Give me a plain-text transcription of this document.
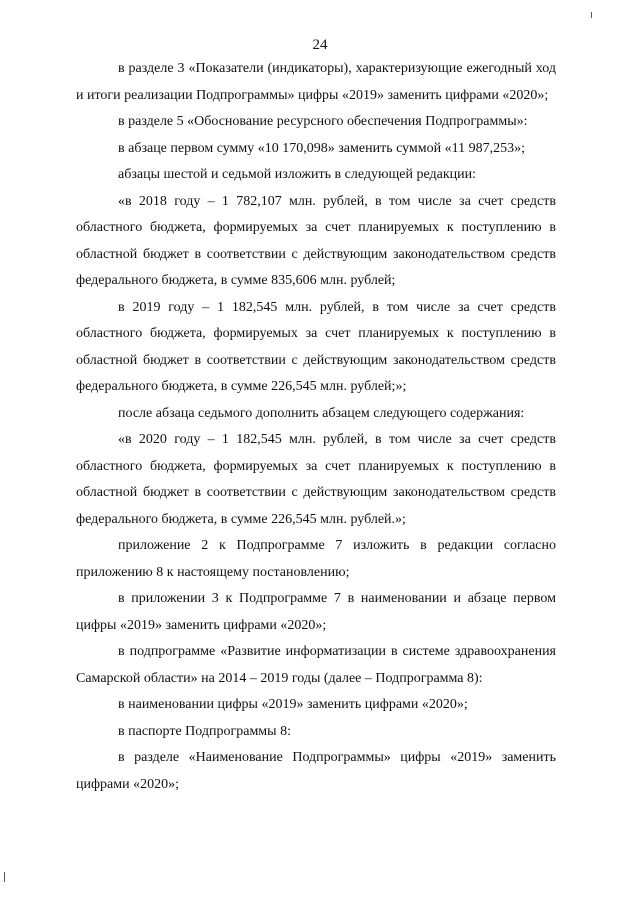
24

в разделе 3 «Показатели (индикаторы), характеризующие ежегодный ход и итоги реализации Подпрограммы» цифры «2019» заменить цифрами «2020»;

в разделе 5 «Обоснование ресурсного обеспечения Подпрограммы»:

в абзаце первом сумму «10 170,098» заменить суммой «11 987,253»;

абзацы шестой и седьмой изложить в следующей редакции:

«в 2018 году – 1 782,107 млн. рублей, в том числе за счет средств областного бюджета, формируемых за счет планируемых к поступлению в областной бюджет в соответствии с действующим законодательством средств федерального бюджета, в сумме 835,606 млн. рублей;

в 2019 году – 1 182,545 млн. рублей, в том числе за счет средств областного бюджета, формируемых за счет планируемых к поступлению в областной бюджет в соответствии с действующим законодательством средств федерального бюджета, в сумме 226,545 млн. рублей;»;

после абзаца седьмого дополнить абзацем следующего содержания:

«в 2020 году – 1 182,545 млн. рублей, в том числе за счет средств областного бюджета, формируемых за счет планируемых к поступлению в областной бюджет в соответствии с действующим законодательством средств федерального бюджета, в сумме 226,545 млн. рублей.»;

приложение 2 к Подпрограмме 7 изложить в редакции согласно приложению 8 к настоящему постановлению;

в приложении 3 к Подпрограмме 7 в наименовании и абзаце первом цифры «2019» заменить цифрами «2020»;

в подпрограмме «Развитие информатизации в системе здравоохранения Самарской области» на 2014 – 2019 годы (далее – Подпрограмма 8):

в наименовании цифры «2019» заменить цифрами «2020»;

в паспорте Подпрограммы 8:

в разделе «Наименование Подпрограммы» цифры «2019» заменить цифрами «2020»;
